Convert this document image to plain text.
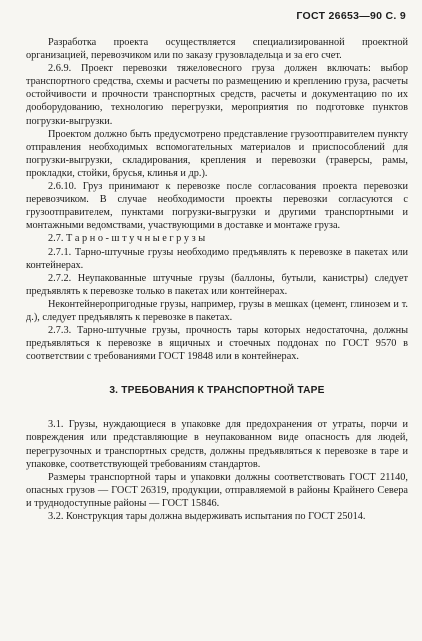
ГОСТ 26653—90 С. 9

Разработка проекта осуществляется специализированной проектной организацией, перевозчиком или по заказу грузовладельца и за его счет.

2.6.9. Проект перевозки тяжеловесного груза должен включать: выбор транспортного средства, схемы и расчеты по размещению и креплению груза, расчеты остойчивости и прочности транспортных средств, расчеты и документацию по их дооборудованию, технологию перегрузки, мероприятия по подготовке пунктов погрузки-выгрузки.

Проектом должно быть предусмотрено представление грузоотправителем пункту отправления необходимых вспомогательных материалов и приспособлений для погрузки-выгрузки, складирования, крепления и перевозки (траверсы, рамы, прокладки, стойки, брусья, клинья и др.).

2.6.10. Груз принимают к перевозке после согласования проекта перевозки перевозчиком. В случае необходимости проекты перевозки согласуются с грузоотправителем, пунктами погрузки-выгрузки и другими транспортными и монтажными ведомствами, участвующими в доставке и монтаже груза.

2.7. Т а р н о - ш т у ч н ы е г р у з ы

2.7.1. Тарно-штучные грузы необходимо предъявлять к перевозке в пакетах или контейнерах.

2.7.2. Неупакованные штучные грузы (баллоны, бутыли, канистры) следует предъявлять к перевозке только в пакетах или контейнерах.

Неконтейнеропригодные грузы, например, грузы в мешках (цемент, глинозем и т. д.), следует предъявлять к перевозке в пакетах.

2.7.3. Тарно-штучные грузы, прочность тары которых недостаточна, должны предъявляться к перевозке в ящичных и стоечных поддонах по ГОСТ 9570 в соответствии с требованиями ГОСТ 19848 или в контейнерах.

3. ТРЕБОВАНИЯ К ТРАНСПОРТНОЙ ТАРЕ

3.1. Грузы, нуждающиеся в упаковке для предохранения от утраты, порчи и повреждения или представляющие в неупакованном виде опасность для людей, перегрузочных и транспортных средств, должны предъявляться к перевозке в таре и упаковке, соответствующей требованиям стандартов.

Размеры транспортной тары и упаковки должны соответствовать ГОСТ 21140, опасных грузов — ГОСТ 26319, продукции, отправляемой в районы Крайнего Севера и труднодоступные районы — ГОСТ 15846.

3.2. Конструкция тары должна выдерживать испытания по ГОСТ 25014.
